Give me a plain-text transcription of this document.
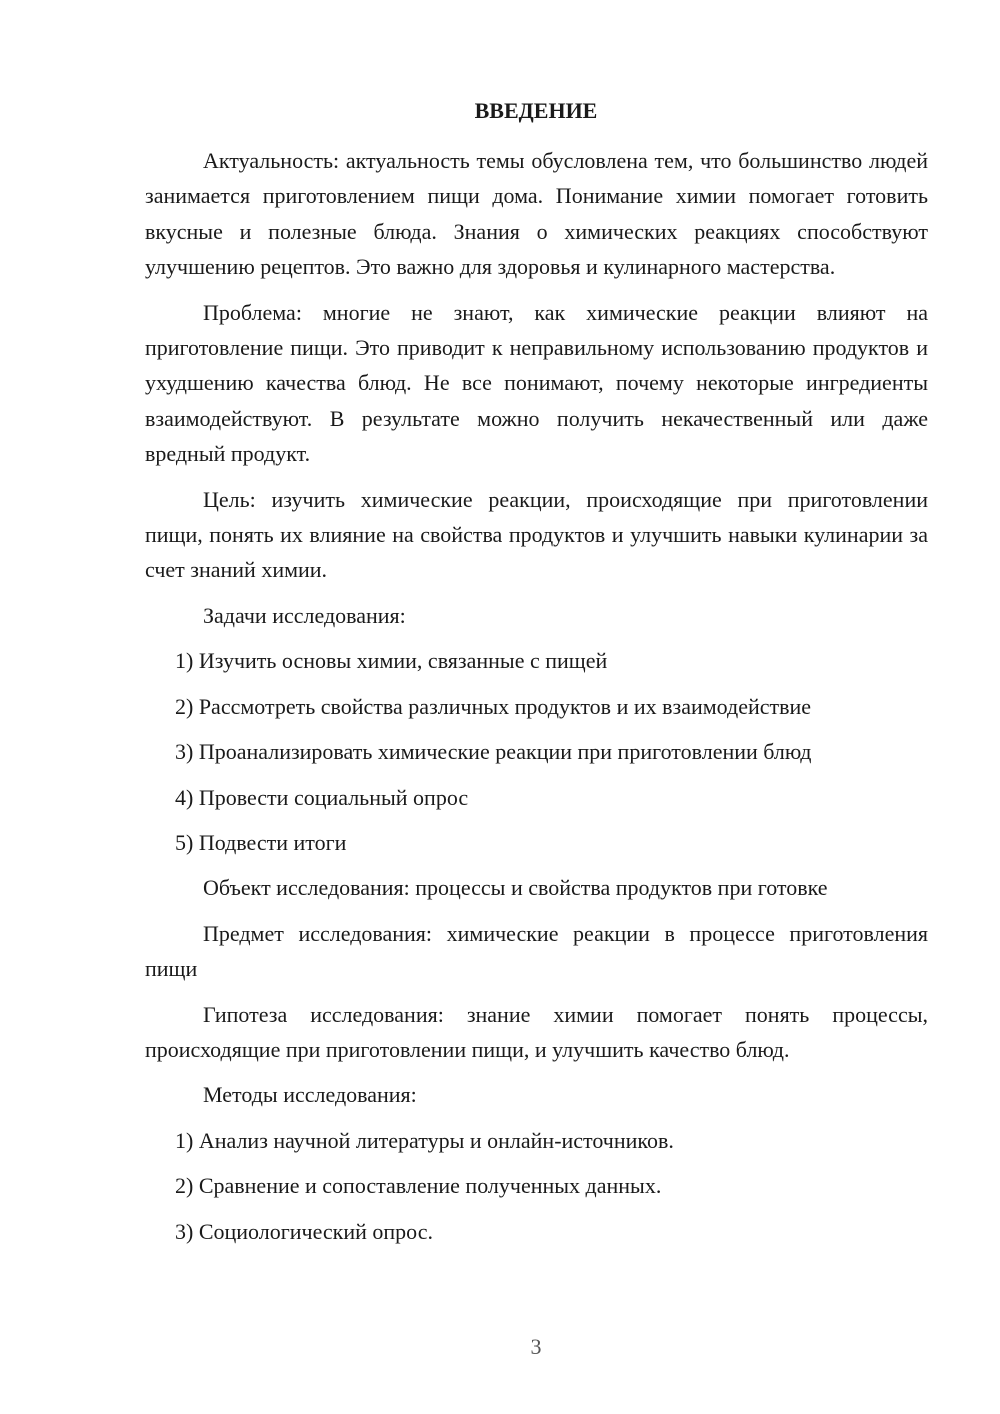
ВВЕДЕНИЕ

Актуальность: актуальность темы обусловлена тем, что большинство людей занимается приготовлением пищи дома. Понимание химии помогает готовить вкусные и полезные блюда. Знания о химических реакциях способствуют улучшению рецептов. Это важно для здоровья и кулинарного мастерства.

Проблема: многие не знают, как химические реакции влияют на приготовление пищи. Это приводит к неправильному использованию продуктов и ухудшению качества блюд. Не все понимают, почему некоторые ингредиенты взаимодействуют. В результате можно получить некачественный или даже вредный продукт.

Цель: изучить химические реакции, происходящие при приготовлении пищи, понять их влияние на свойства продуктов и улучшить навыки кулинарии за счет знаний химии.

Задачи исследования:

1) Изучить основы химии, связанные с пищей

2) Рассмотреть свойства различных продуктов и их взаимодействие

3) Проанализировать химические реакции при приготовлении блюд

4) Провести социальный опрос

5) Подвести итоги

Объект исследования: процессы и свойства продуктов при готовке

Предмет исследования: химические реакции в процессе приготовления пищи

Гипотеза исследования: знание химии помогает понять процессы, происходящие при приготовлении пищи, и улучшить качество блюд.

Методы исследования:

1) Анализ научной литературы и онлайн-источников.

2) Сравнение и сопоставление полученных данных.

3) Социологический опрос.

3
